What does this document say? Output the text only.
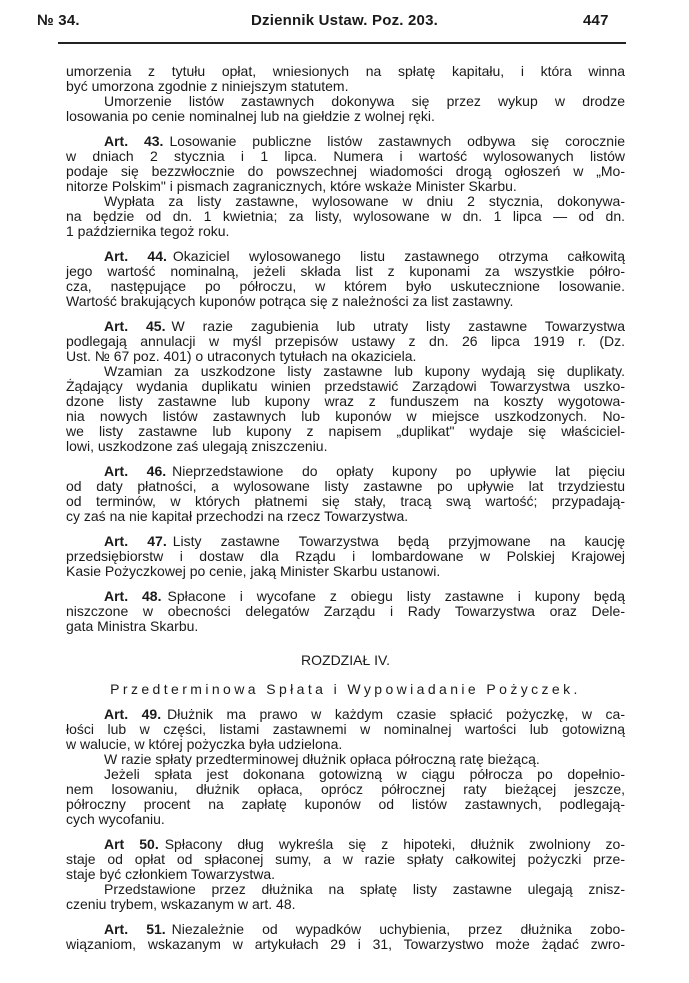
№ 34.	Dziennik Ustaw. Poz. 203.	447
umorzenia z tytułu opłat, wniesionych na spłatę kapitału, i która winna
być umorzona zgodnie z niniejszym statutem.
Umorzenie listów zastawnych dokonywa się przez wykup w drodze
losowania po cenie nominalnej lub na giełdzie z wolnej ręki.
Art. 43. Losowanie publiczne listów zastawnych odbywa się corocznie
w dniach 2 stycznia i 1 lipca. Numera i wartość wylosowanych listów
podaje się bezzwłocznie do powszechnej wiadomości drogą ogłoszeń w „Mo-
nitorze Polskim" i pismach zagranicznych, które wskaże Minister Skarbu.
Wypłata za listy zastawne, wylosowane w dniu 2 stycznia, dokonywa-
na będzie od dn. 1 kwietnia; za listy, wylosowane w dn. 1 lipca — od dn.
1 października tegoż roku.
Art. 44. Okaziciel wylosowanego listu zastawnego otrzyma całkowitą
jego wartość nominalną, jeżeli składa list z kuponami za wszystkie półro-
cza, następujące po półroczu, w którem było uskutecznione losowanie.
Wartość brakujących kuponów potrąca się z należności za list zastawny.
Art. 45. W razie zagubienia lub utraty listy zastawne Towarzystwa
podlegają annulacji w myśl przepisów ustawy z dn. 26 lipca 1919 r. (Dz.
Ust. № 67 poz. 401) o utraconych tytułach na okaziciela.
Wzamian za uszkodzone listy zastawne lub kupony wydają się duplikaty.
Żądający wydania duplikatu winien przedstawić Zarządowi Towarzystwa uszko-
dzone listy zastawne lub kupony wraz z funduszem na koszty wygotowa-
nia nowych listów zastawnych lub kuponów w miejsce uszkodzonych. No-
we listy zastawne lub kupony z napisem „duplikat" wydaje się właściciel-
lowi, uszkodzone zaś ulegają zniszczeniu.
Art. 46. Nieprzedstawione do opłaty kupony po upływie lat pięciu
od daty płatności, a wylosowane listy zastawne po upływie lat trzydziestu
od terminów, w których płatnemi się stały, tracą swą wartość; przypadają-
cy zaś na nie kapitał przechodzi na rzecz Towarzystwa.
Art. 47. Listy zastawne Towarzystwa będą przyjmowane na kaucję
przedsiębiorstw i dostaw dla Rządu i lombardowane w Polskiej Krajowej
Kasie Pożyczkowej po cenie, jaką Minister Skarbu ustanowi.
Art. 48. Spłacone i wycofane z obiegu listy zastawne i kupony będą
niszczone w obecności delegatów Zarządu i Rady Towarzystwa oraz Dele-
gata Ministra Skarbu.
ROZDZIAŁ IV.
Przedterminowa Spłata i Wypowiadanie Pożyczek.
Art. 49. Dłużnik ma prawo w każdym czasie spłacić pożyczkę, w ca-
łości lub w części, listami zastawnemi w nominalnej wartości lub gotowizną
w walucie, w której pożyczka była udzielona.
W razie spłaty przedterminowej dłużnik opłaca półroczną ratę bieżącą.
Jeżeli spłata jest dokonana gotowizną w ciągu półrocza po dopełnio-
nem losowaniu, dłużnik opłaca, oprócz półrocznej raty bieżącej jeszcze,
półroczny procent na zapłatę kuponów od listów zastawnych, podlegają-
cych wycofaniu.
Art 50. Spłacony dług wykreśla się z hipoteki, dłużnik zwolniony zo-
staje od opłat od spłaconej sumy, a w razie spłaty całkowitej pożyczki prze-
staje być członkiem Towarzystwa.
Przedstawione przez dłużnika na spłatę listy zastawne ulegają znisz-
czeniu trybem, wskazanym w art. 48.
Art. 51. Niezależnie od wypadków uchybienia, przez dłużnika zobo-
wiązaniom, wskazanym w artykułach 29 i 31, Towarzystwo może żądać zwro-
